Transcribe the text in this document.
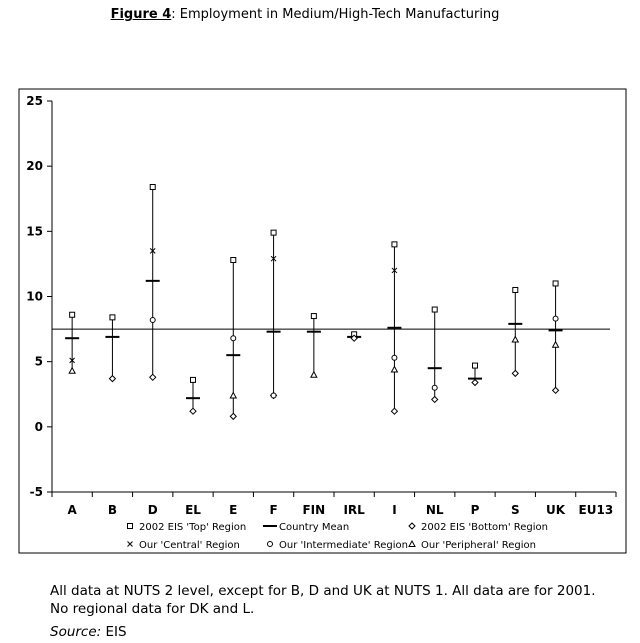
Figure 4: Employment in Medium/High-Tech Manufacturing
-5
0
5
10
15
20
25
A	B	D EL E	F FIN IRL I NL P	S UK EU13
2002 EIS 'Top' Region	Country Mean	2002 EIS 'Bottom' Region
Our 'Central' Region	Our 'Intermediate' Region Our 'Peripheral' Region
All data at NUTS 2 level, except for B, D and UK at NUTS 1. All data are for 2001. No regional data for DK and L.
Source: EIS
